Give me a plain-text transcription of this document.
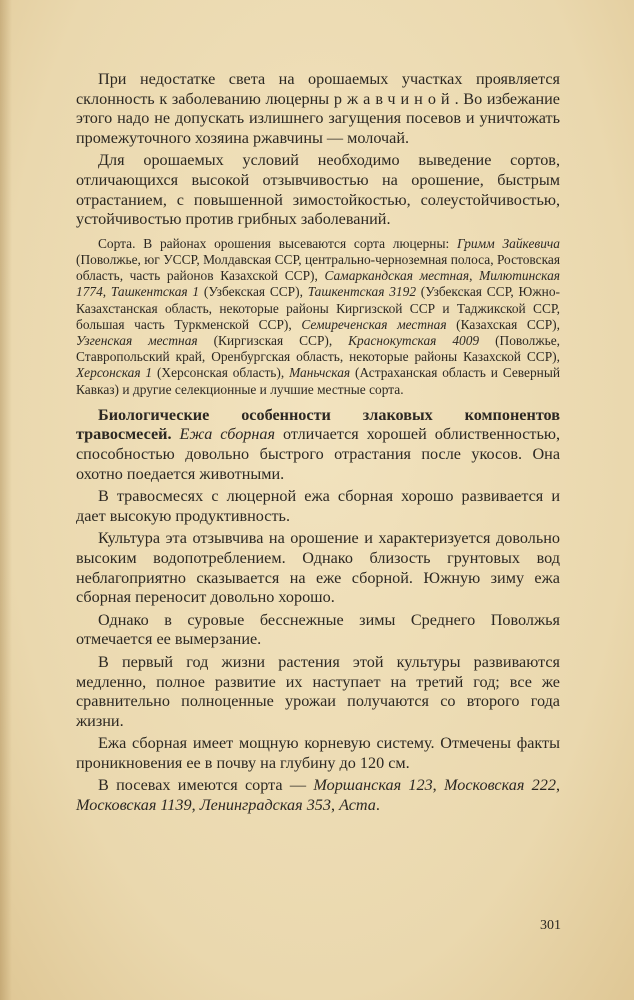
При недостатке света на орошаемых участках проявляется склонность к заболеванию люцерны ржавчиной. Во избежание этого надо не допускать излишнего загущения посевов и уничтожать промежуточного хозяина ржавчины — молочай.

Для орошаемых условий необходимо выведение сортов, отличающихся высокой отзывчивостью на орошение, быстрым отрастанием, с повышенной зимостойкостью, солеустойчивостью, устойчивостью против грибных заболеваний.

Сорта. В районах орошения высеваются сорта люцерны: Гримм Зайкевича (Поволжье, юг УССР, Молдавская ССР, центрально-черноземная полоса, Ростовская область, часть районов Казахской ССР), Самаркандская местная, Милютинская 1774, Ташкентская 1 (Узбекская ССР), Ташкентская 3192 (Узбекская ССР, Южно-Казахстанская область, некоторые районы Киргизской ССР и Таджикской ССР, большая часть Туркменской ССР), Семиреченская местная (Казахская ССР), Узгенская местная (Киргизская ССР), Краснокутская 4009 (Поволжье, Ставропольский край, Оренбургская область, некоторые районы Казахской ССР), Херсонская 1 (Херсонская область), Маньчская (Астраханская область и Северный Кавказ) и другие селекционные и лучшие местные сорта.

Биологические особенности злаковых компонентов травосмесей. Ежа сборная отличается хорошей облиственностью, способностью довольно быстрого отрастания после укосов. Она охотно поедается животными.

В травосмесях с люцерной ежа сборная хорошо развивается и дает высокую продуктивность.

Культура эта отзывчива на орошение и характеризуется довольно высоким водопотреблением. Однако близость грунтовых вод неблагоприятно сказывается на еже сборной. Южную зиму ежа сборная переносит довольно хорошо.

Однако в суровые бесснежные зимы Среднего Поволжья отмечается ее вымерзание.

В первый год жизни растения этой культуры развиваются медленно, полное развитие их наступает на третий год; все же сравнительно полноценные урожаи получаются со второго года жизни.

Ежа сборная имеет мощную корневую систему. Отмечены факты проникновения ее в почву на глубину до 120 см.

В посевах имеются сорта — Моршанская 123, Московская 222, Московская 1139, Ленинградская 353, Аста.

301
